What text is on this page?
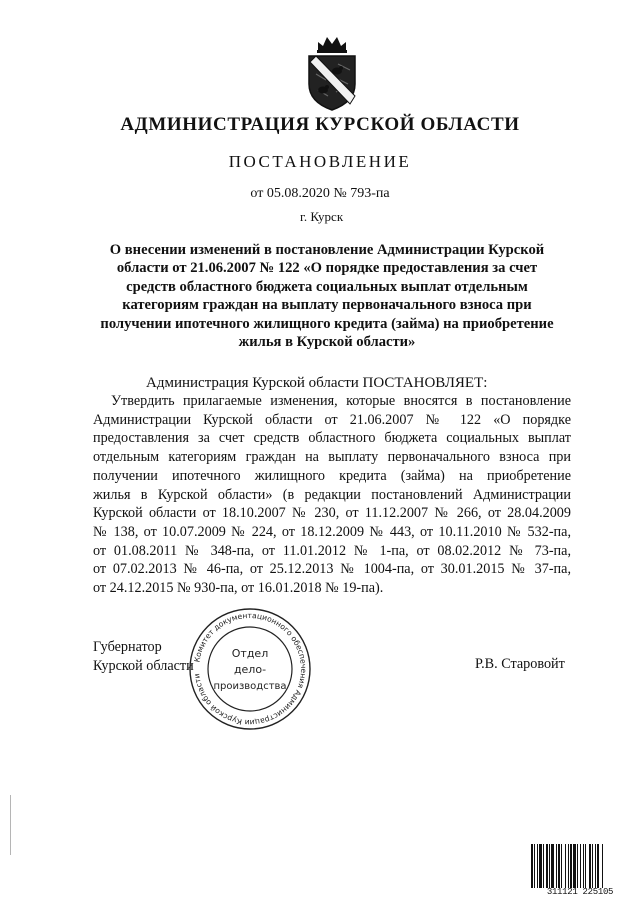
АДМИНИСТРАЦИЯ КУРСКОЙ ОБЛАСТИ
ПОСТАНОВЛЕНИЕ
от 05.08.2020 № 793-па
г. Курск
О внесении изменений в постановление Администрации Курской
области от 21.06.2007 № 122 «О порядке предоставления за счет
средств областного бюджета социальных выплат отдельным
категориям граждан на выплату первоначального взноса при
получении ипотечного жилищного кредита (займа) на приобретение
жилья в Курской области»
Администрация Курской области ПОСТАНОВЛЯЕТ:
Утвердить прилагаемые изменения, которые вносятся в постановление
Администрации Курской области от 21.06.2007 № 122 «О порядке
предоставления за счет средств областного бюджета социальных выплат
отдельным категориям граждан на выплату первоначального взноса при
получении ипотечного жилищного кредита (займа) на приобретение
жилья в Курской области» (в редакции постановлений Администрации
Курской области от 18.10.2007 № 230, от 11.12.2007 № 266, от 28.04.2009
№ 138, от 10.07.2009 № 224, от 18.12.2009 № 443, от 10.11.2010 № 532-па,
от 01.08.2011 № 348-па, от 11.01.2012 № 1-па, от 08.02.2012 № 73-па,
от 07.02.2013 № 46-па, от 25.12.2013 № 1004-па, от 30.01.2015 № 37-па,
от 24.12.2015 № 930-па, от 16.01.2018 № 19-па).
Губернатор
Курской области	Р.В. Старовойт
Комитет документационного обеспечения Администрации Курской области
Отдел
дело-
производства
311121 225105
